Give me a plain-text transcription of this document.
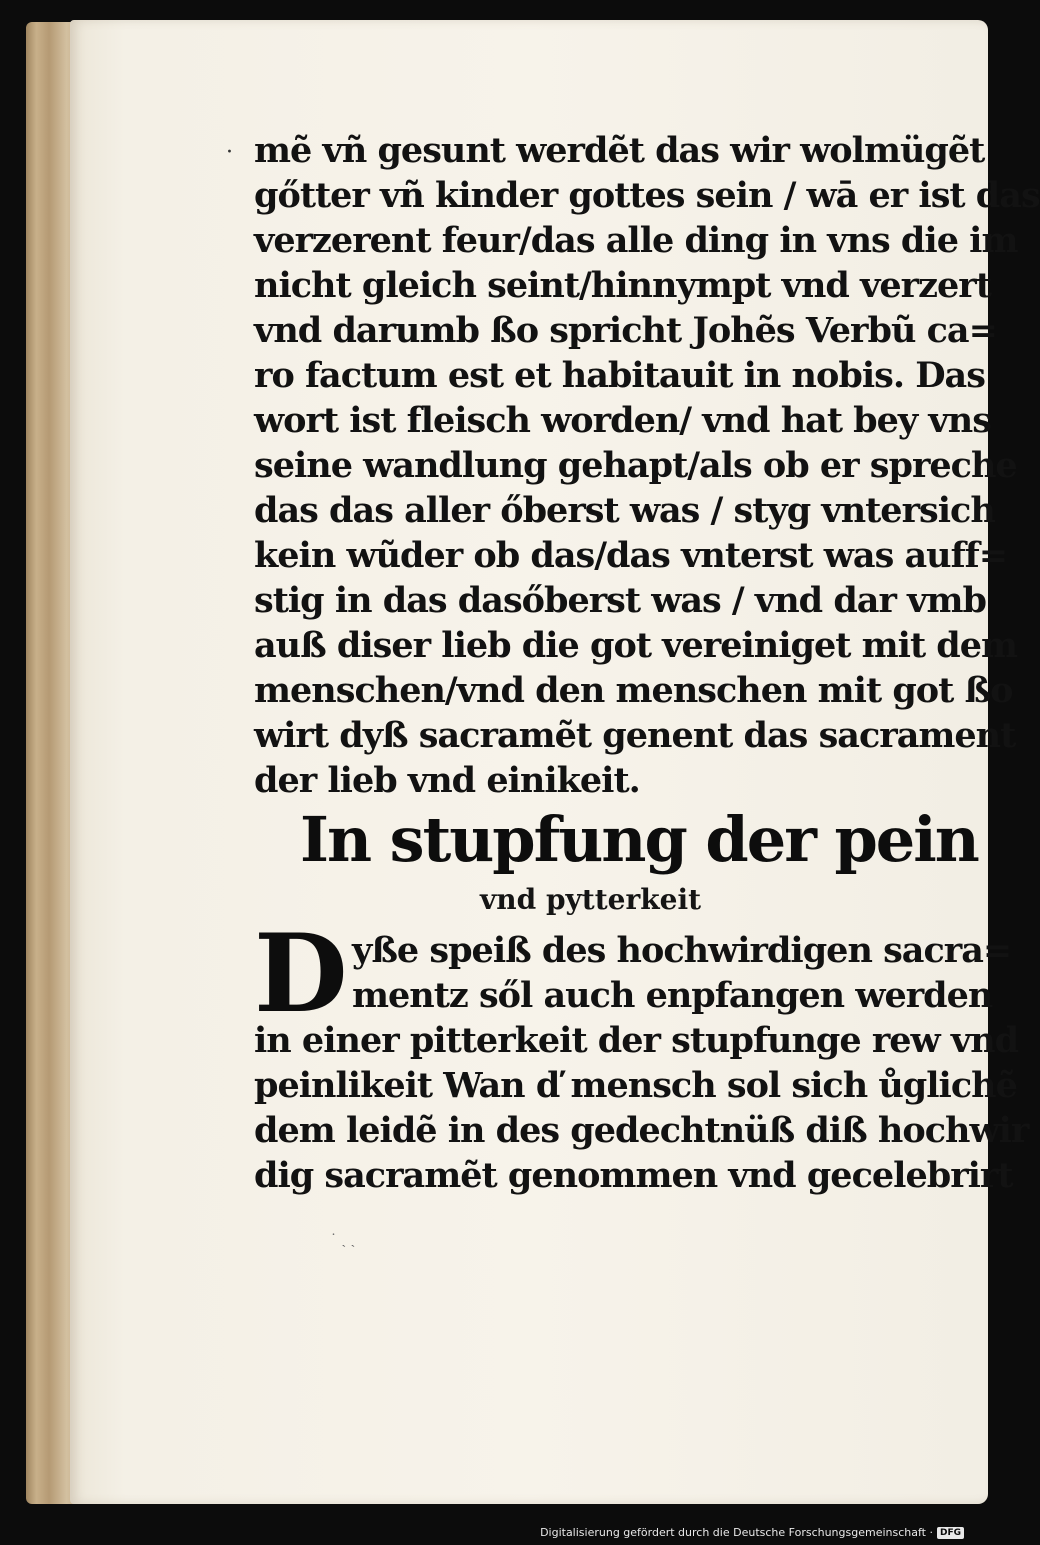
· mẽ vñ gesunt werdẽt das wir wolmügẽt
gőtter vñ kinder gottes sein / wā er ist das
verzerent feur/das alle ding in vns die im
nicht gleich seint/hinnympt vnd verzert
vnd darumb ßo spricht Johẽs Verbũ ca=
ro factum est et habitauit in nobis. Das
wort ist fleisch worden/ vnd hat bey vns
seine wandlung gehapt/als ob er spreche
das das aller őberst was / styg vntersich
kein wũder ob das/das vnterst was auff=
stig in das dasőberst was / vnd dar vmb
auß diser lieb die got vereiniget mit dem
menschen/vnd den menschen mit got ßo
wirt dyß sacramẽt genent das sacrament
der lieb vnd einikeit.
In stupfung der pein
vnd pytterkeit
D yße speiß des hochwirdigen sacra=
mentz sől auch enpfangen werden
in einer pitterkeit der stupfunge rew vnd
peinlikeit Wan ď mensch sol sich ůglichẽ
dem leidẽ in des gedechtnüß diß hochwir
dig sacramẽt genommen vnd gecelebrirt
˙ ˎ ˏ
Digitalisierung gefördert durch die Deutsche Forschungsgemeinschaft · DFG
